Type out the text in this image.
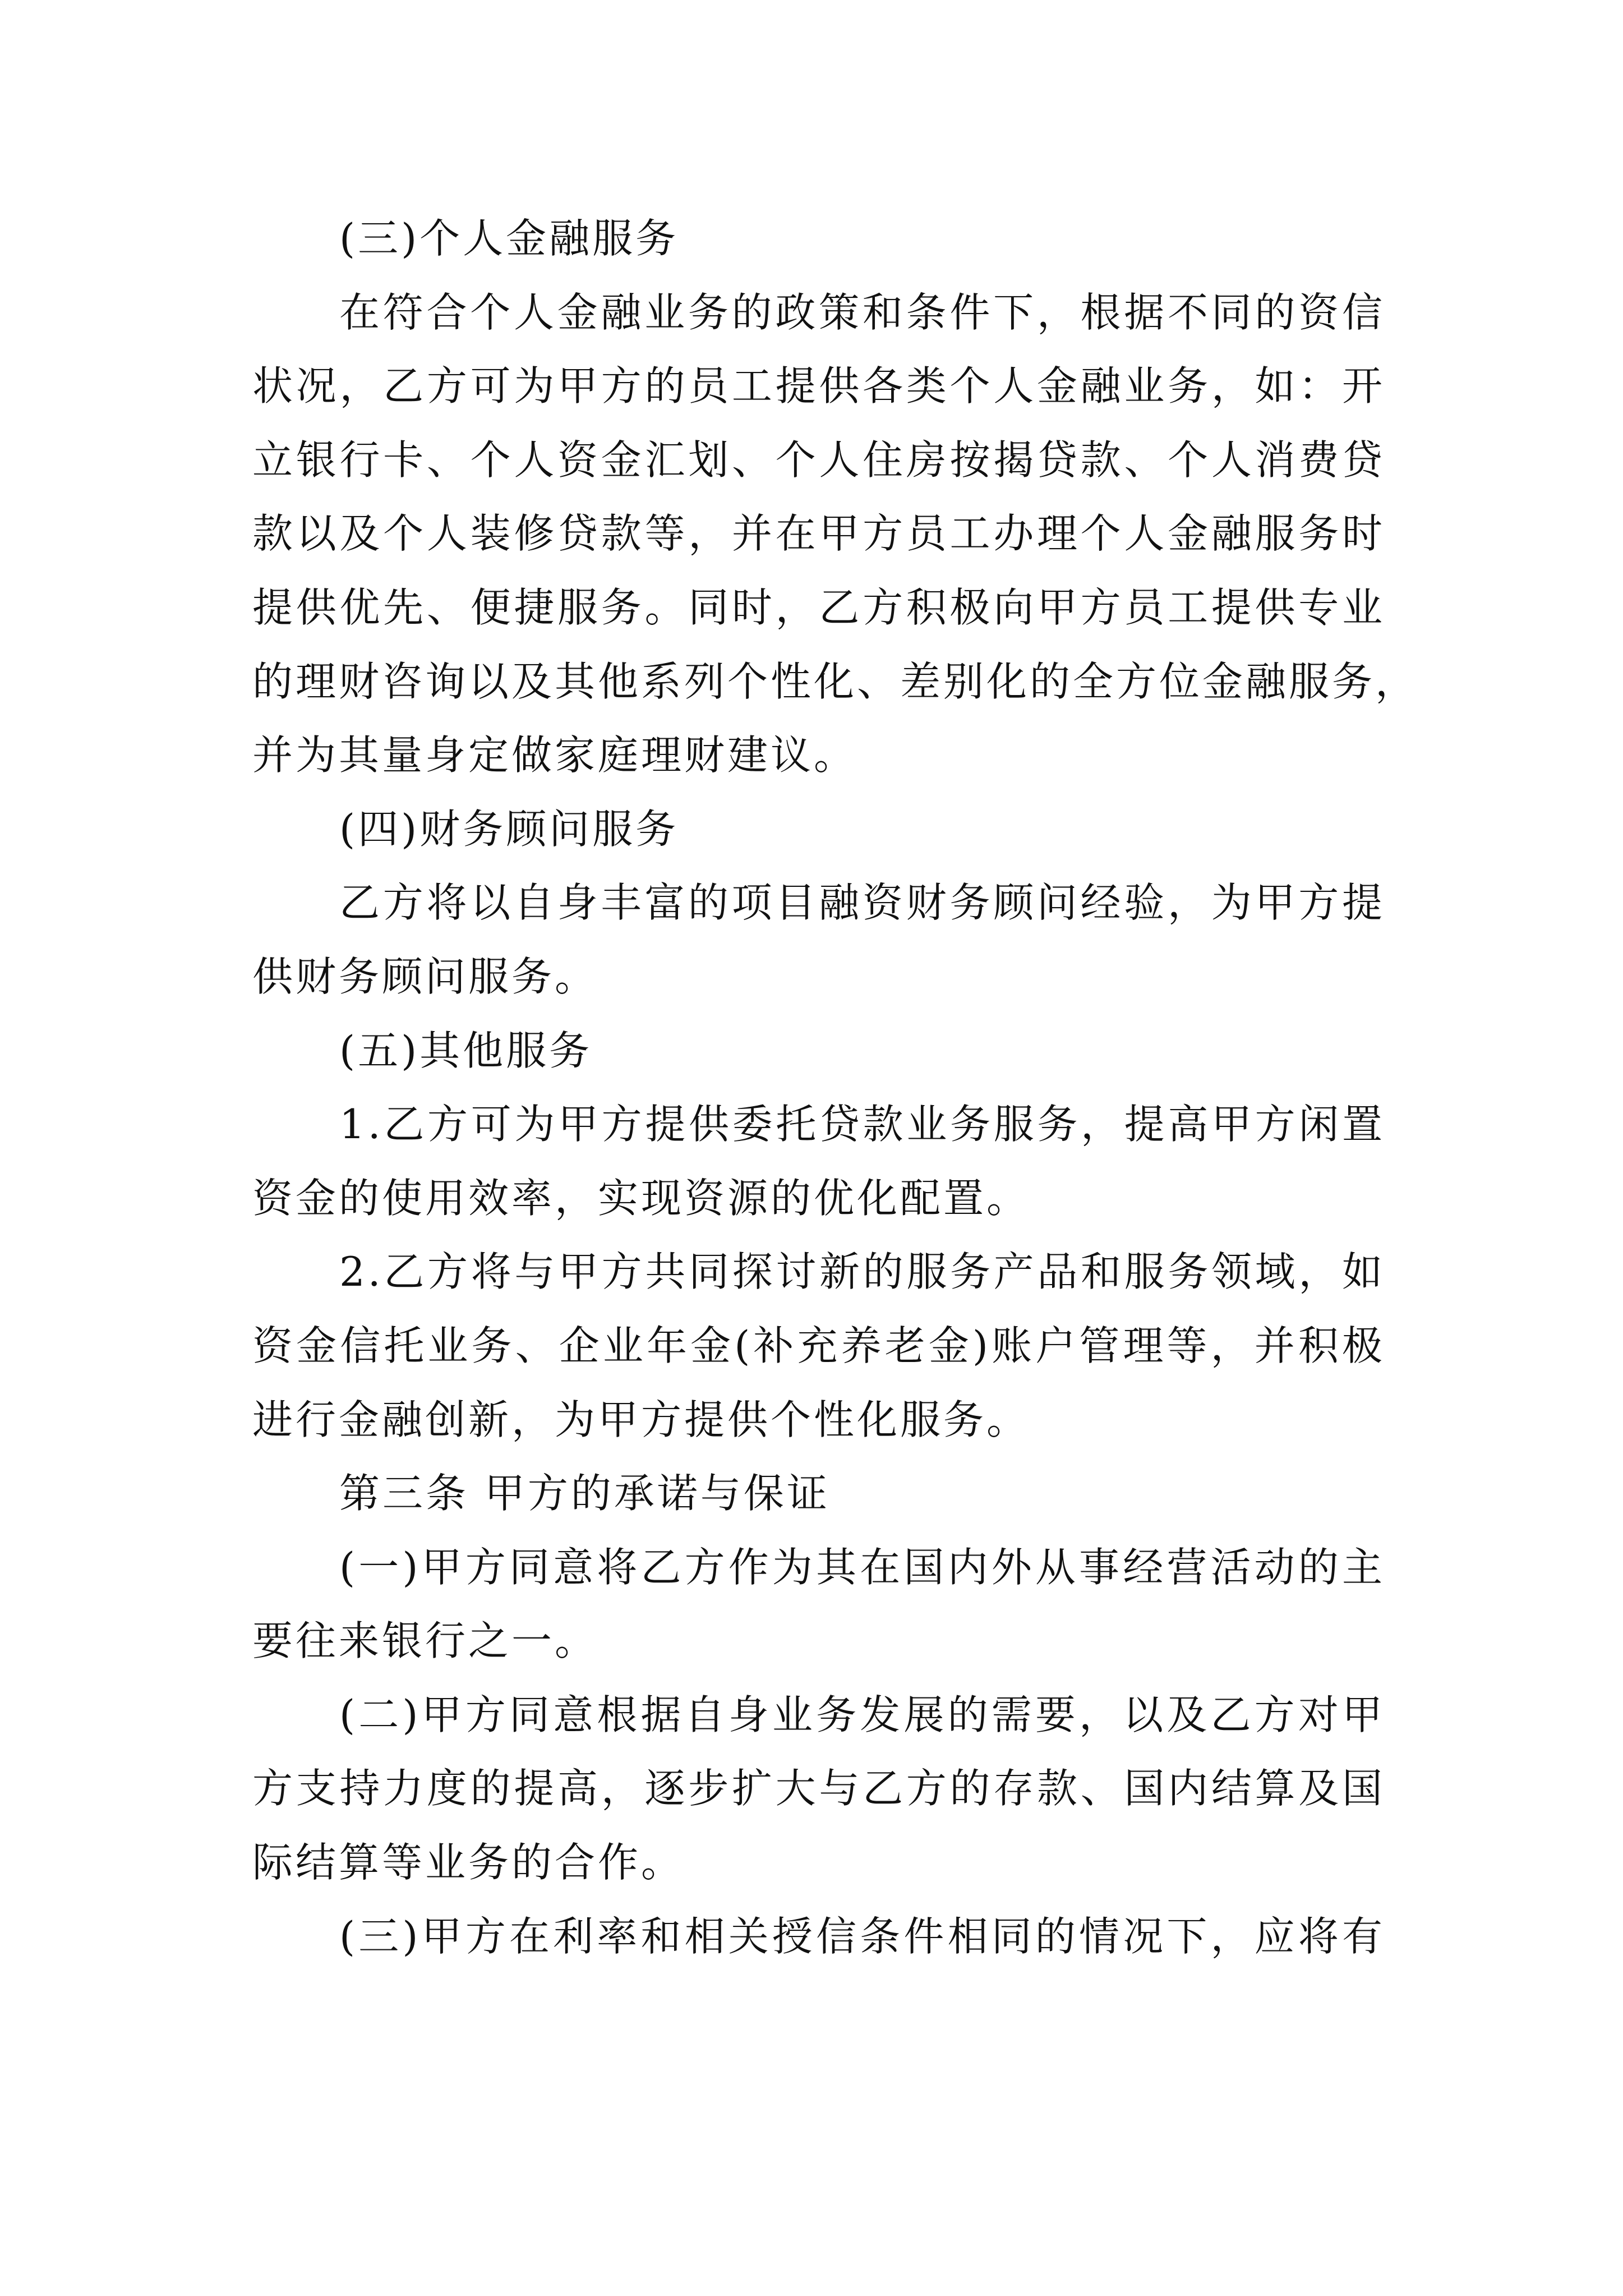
(三)个人金融服务
在符合个人金融业务的政策和条件下，根据不同的资信
状况，乙方可为甲方的员工提供各类个人金融业务，如：开
立银行卡、个人资金汇划、个人住房按揭贷款、个人消费贷
款以及个人装修贷款等，并在甲方员工办理个人金融服务时
提供优先、便捷服务。同时，乙方积极向甲方员工提供专业
的理财咨询以及其他系列个性化、差别化的全方位金融服务，
并为其量身定做家庭理财建议。
(四)财务顾问服务
乙方将以自身丰富的项目融资财务顾问经验，为甲方提
供财务顾问服务。
(五)其他服务
1.乙方可为甲方提供委托贷款业务服务，提高甲方闲置
资金的使用效率，实现资源的优化配置。
2.乙方将与甲方共同探讨新的服务产品和服务领域，如
资金信托业务、企业年金(补充养老金)账户管理等，并积极
进行金融创新，为甲方提供个性化服务。
第三条 甲方的承诺与保证
(一)甲方同意将乙方作为其在国内外从事经营活动的主
要往来银行之一。
(二)甲方同意根据自身业务发展的需要，以及乙方对甲
方支持力度的提高，逐步扩大与乙方的存款、国内结算及国
际结算等业务的合作。
(三)甲方在利率和相关授信条件相同的情况下，应将有
